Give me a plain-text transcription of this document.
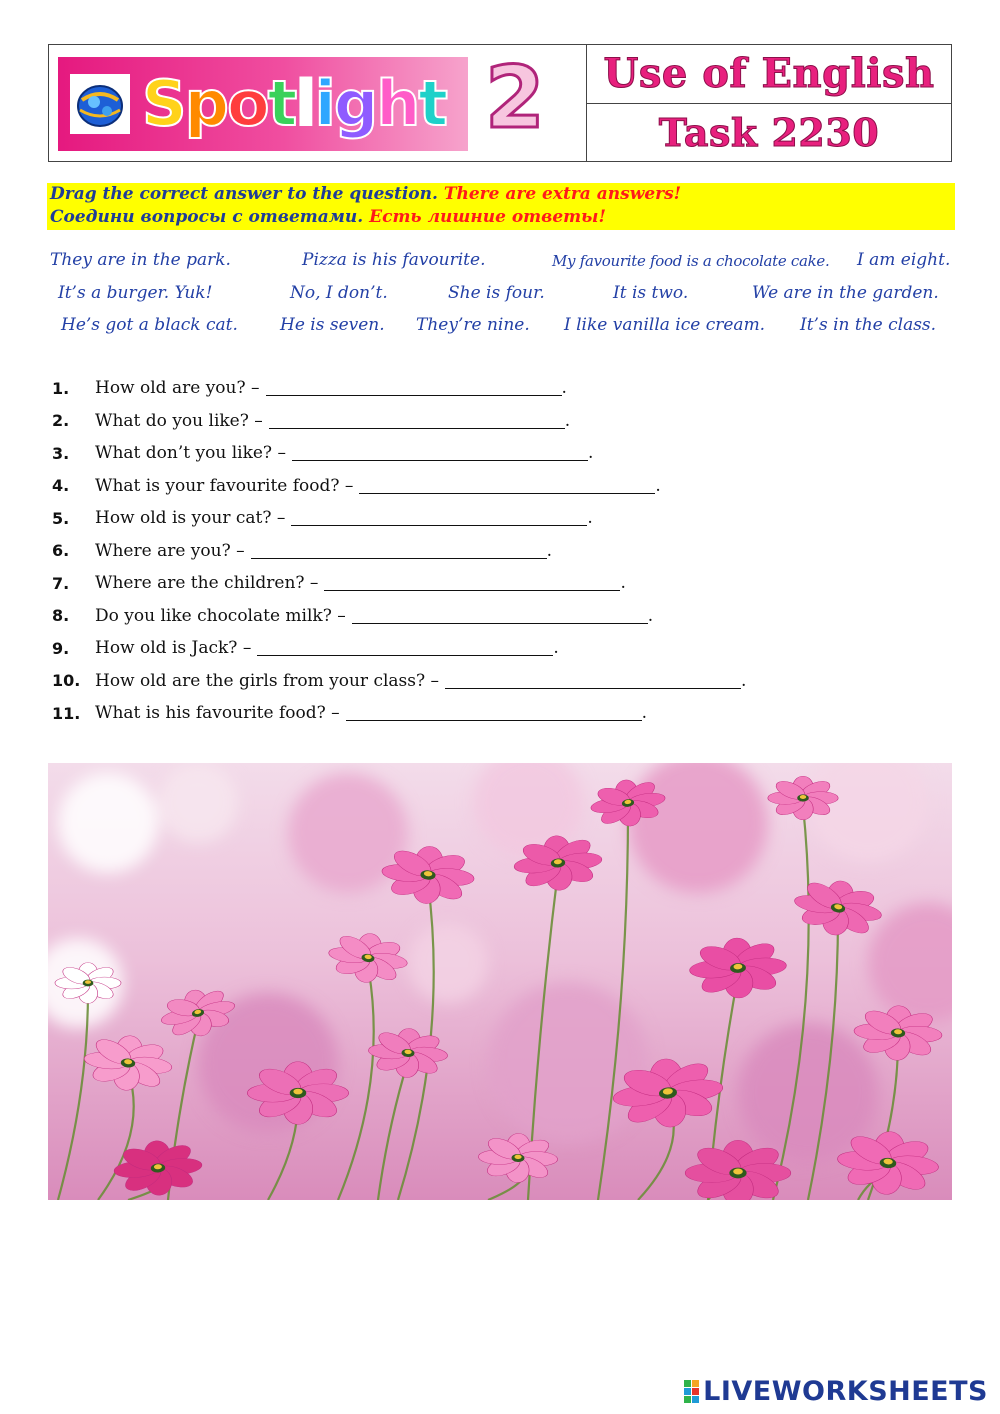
Spotlight 2 Use of English
Task 2230
Drag the correct answer to the question. There are extra answers!
Соедини вопросы с ответами. Есть лишние ответы!
They are in the park.	Pizza is his favourite.	My favourite food is a chocolate cake. I am eight.
It’s a burger. Yuk!	No, I don’t.	She is four.	It is two.	We are in the garden.
He’s got a black cat. He is seven. They’re nine. I like vanilla ice cream. It’s in the class.
1.	How old are you? –	.
2.	What do you like? –	.
3.	What don’t you like? –	.
4.	What is your favourite food? –	.
5.	How old is your cat? –	.
6.	Where are you? –	.
7.	Where are the children? –	.
8.	Do you like chocolate milk? –	.
9.	How old is Jack? –	.
10. How old are the girls from your class? –	.
11. What is his favourite food? –	.
LIVEWORKSHEETS
